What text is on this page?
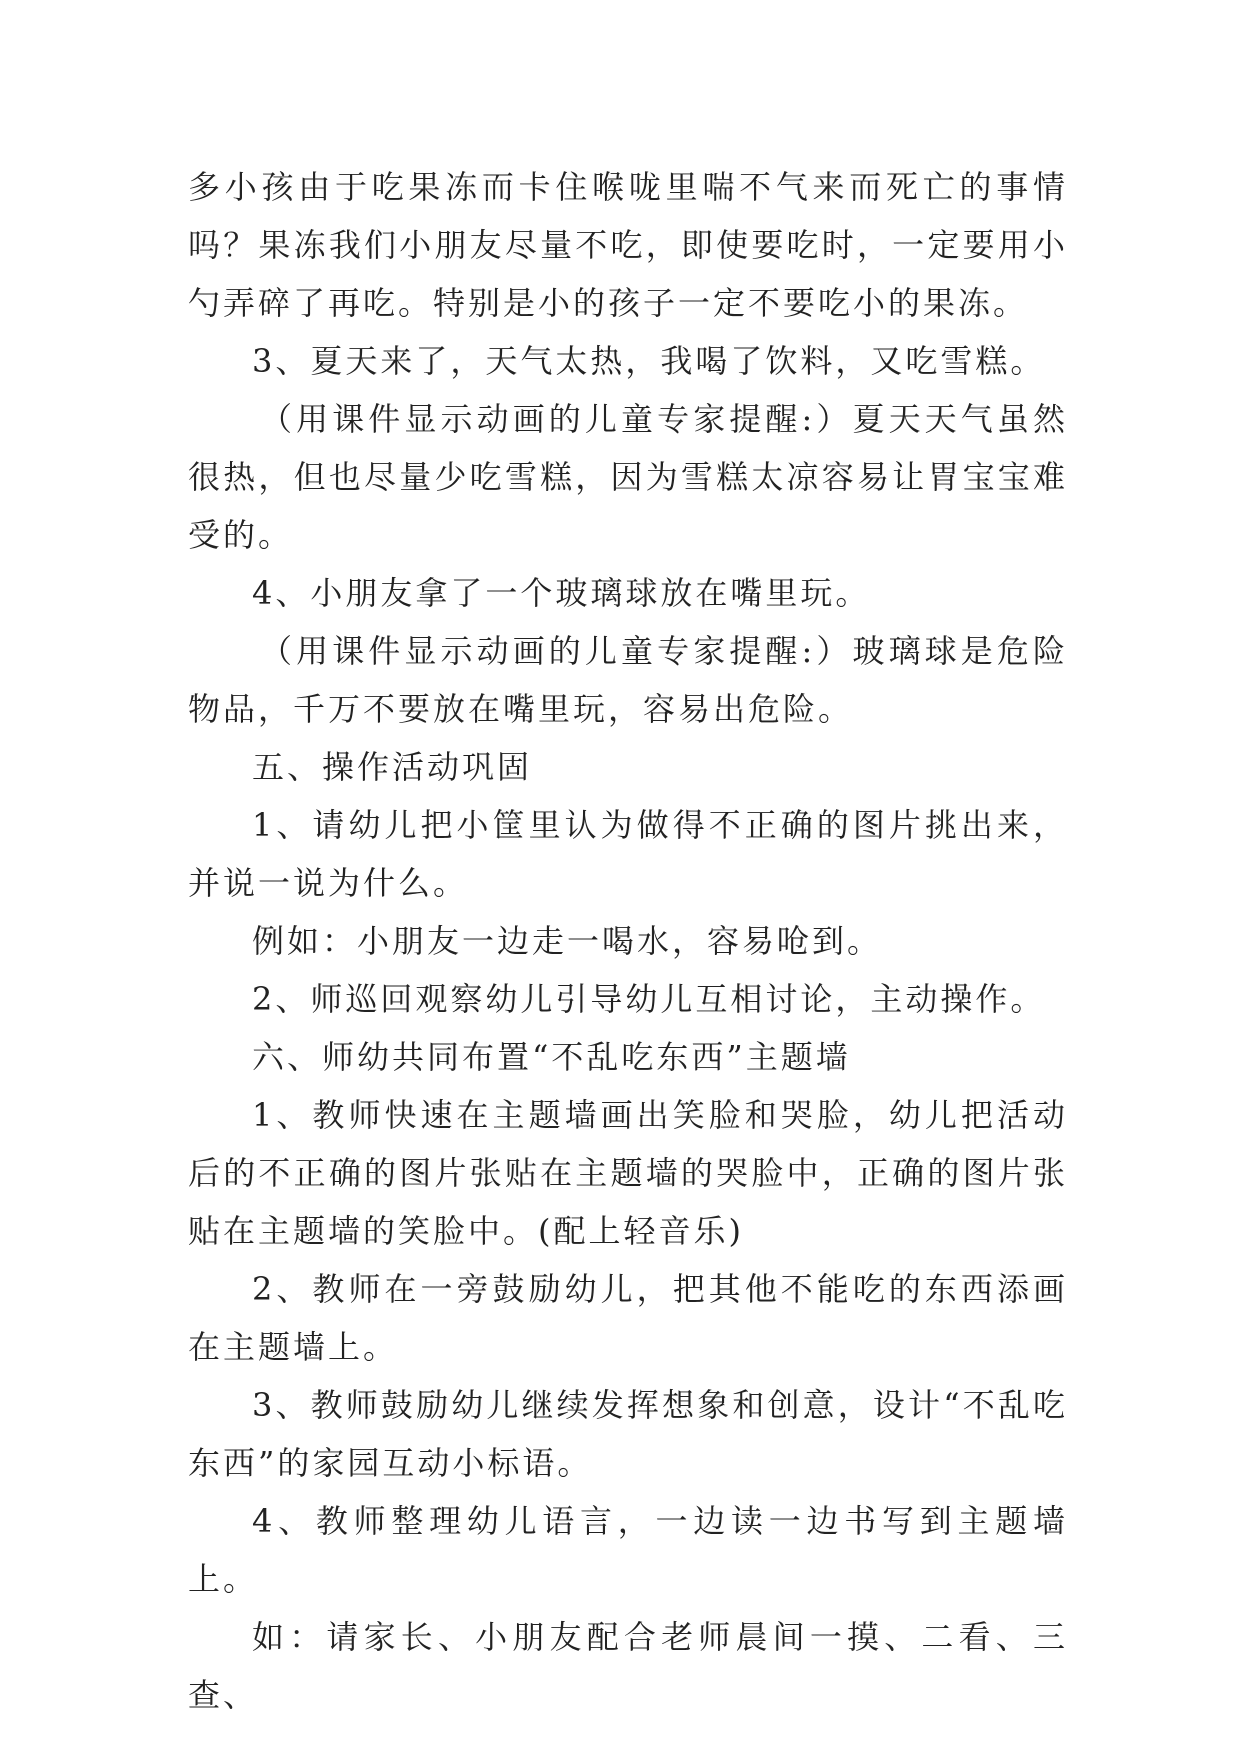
多小孩由于吃果冻而卡住喉咙里喘不气来而死亡的事情吗？果冻我们小朋友尽量不吃，即使要吃时，一定要用小勺弄碎了再吃。特别是小的孩子一定不要吃小的果冻。

3、夏天来了，天气太热，我喝了饮料，又吃雪糕。

（用课件显示动画的儿童专家提醒:）夏天天气虽然很热，但也尽量少吃雪糕，因为雪糕太凉容易让胃宝宝难受的。

4、小朋友拿了一个玻璃球放在嘴里玩。

（用课件显示动画的儿童专家提醒:）玻璃球是危险物品，千万不要放在嘴里玩，容易出危险。

五、操作活动巩固

1、请幼儿把小筐里认为做得不正确的图片挑出来，并说一说为什么。

例如：小朋友一边走一喝水，容易呛到。

2、师巡回观察幼儿引导幼儿互相讨论，主动操作。

六、师幼共同布置“不乱吃东西”主题墙

1、教师快速在主题墙画出笑脸和哭脸，幼儿把活动后的不正确的图片张贴在主题墙的哭脸中，正确的图片张贴在主题墙的笑脸中。(配上轻音乐)

2、教师在一旁鼓励幼儿，把其他不能吃的东西添画在主题墙上。

3、教师鼓励幼儿继续发挥想象和创意，设计“不乱吃东西”的家园互动小标语。

4、教师整理幼儿语言，一边读一边书写到主题墙上。

如：请家长、小朋友配合老师晨间一摸、二看、三查、
